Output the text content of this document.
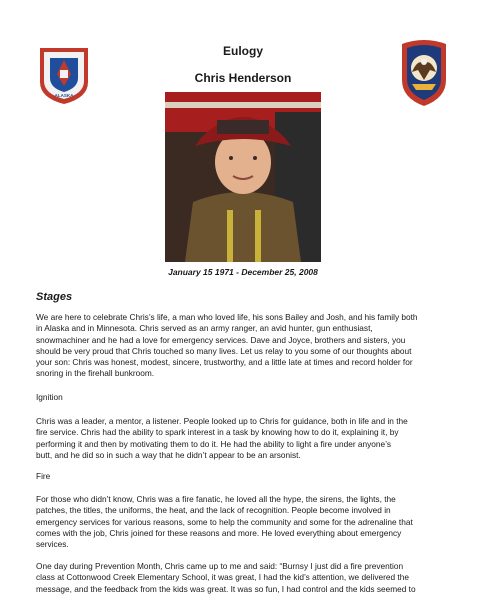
ALASKA
Eulogy
Chris Henderson
January 15 1971 - December 25, 2008
Stages
We are here to celebrate Chris’s life, a man who loved life, his sons Bailey and Josh, and his family both
in Alaska and in Minnesota. Chris served as an army ranger, an avid hunter, gun enthusiast,
snowmachiner and he had a love for emergency services. Dave and Joyce, brothers and sisters, you
should be very proud that Chris touched so many lives. Let us relay to you some of our thoughts about
your son: Chris was honest, modest, sincere, trustworthy, and a little late at times and record holder for
snoring in the firehall bunkroom.
Ignition
Chris was a leader, a mentor, a listener. People looked up to Chris for guidance, both in life and in the
fire service. Chris had the ability to spark interest in a task by knowing how to do it, explaining it, by
performing it and then by motivating them to do it. He had the ability to light a fire under anyone’s
butt, and he did so in such a way that he didn’t appear to be an arsonist.
Fire
For those who didn’t know, Chris was a fire fanatic, he loved all the hype, the sirens, the lights, the
patches, the titles, the uniforms, the heat, and the lack of recognition. People become involved in
emergency services for various reasons, some to help the community and some for the adrenaline that
comes with the job, Chris joined for these reasons and more. He loved everything about emergency
services.
One day during Prevention Month, Chris came up to me and said: “Burnsy I just did a fire prevention
class at Cottonwood Creek Elementary School, it was great, I had the kid’s attention, we delivered the
message, and the feedback from the kids was great. It was so fun, I had control and the kids seemed to
